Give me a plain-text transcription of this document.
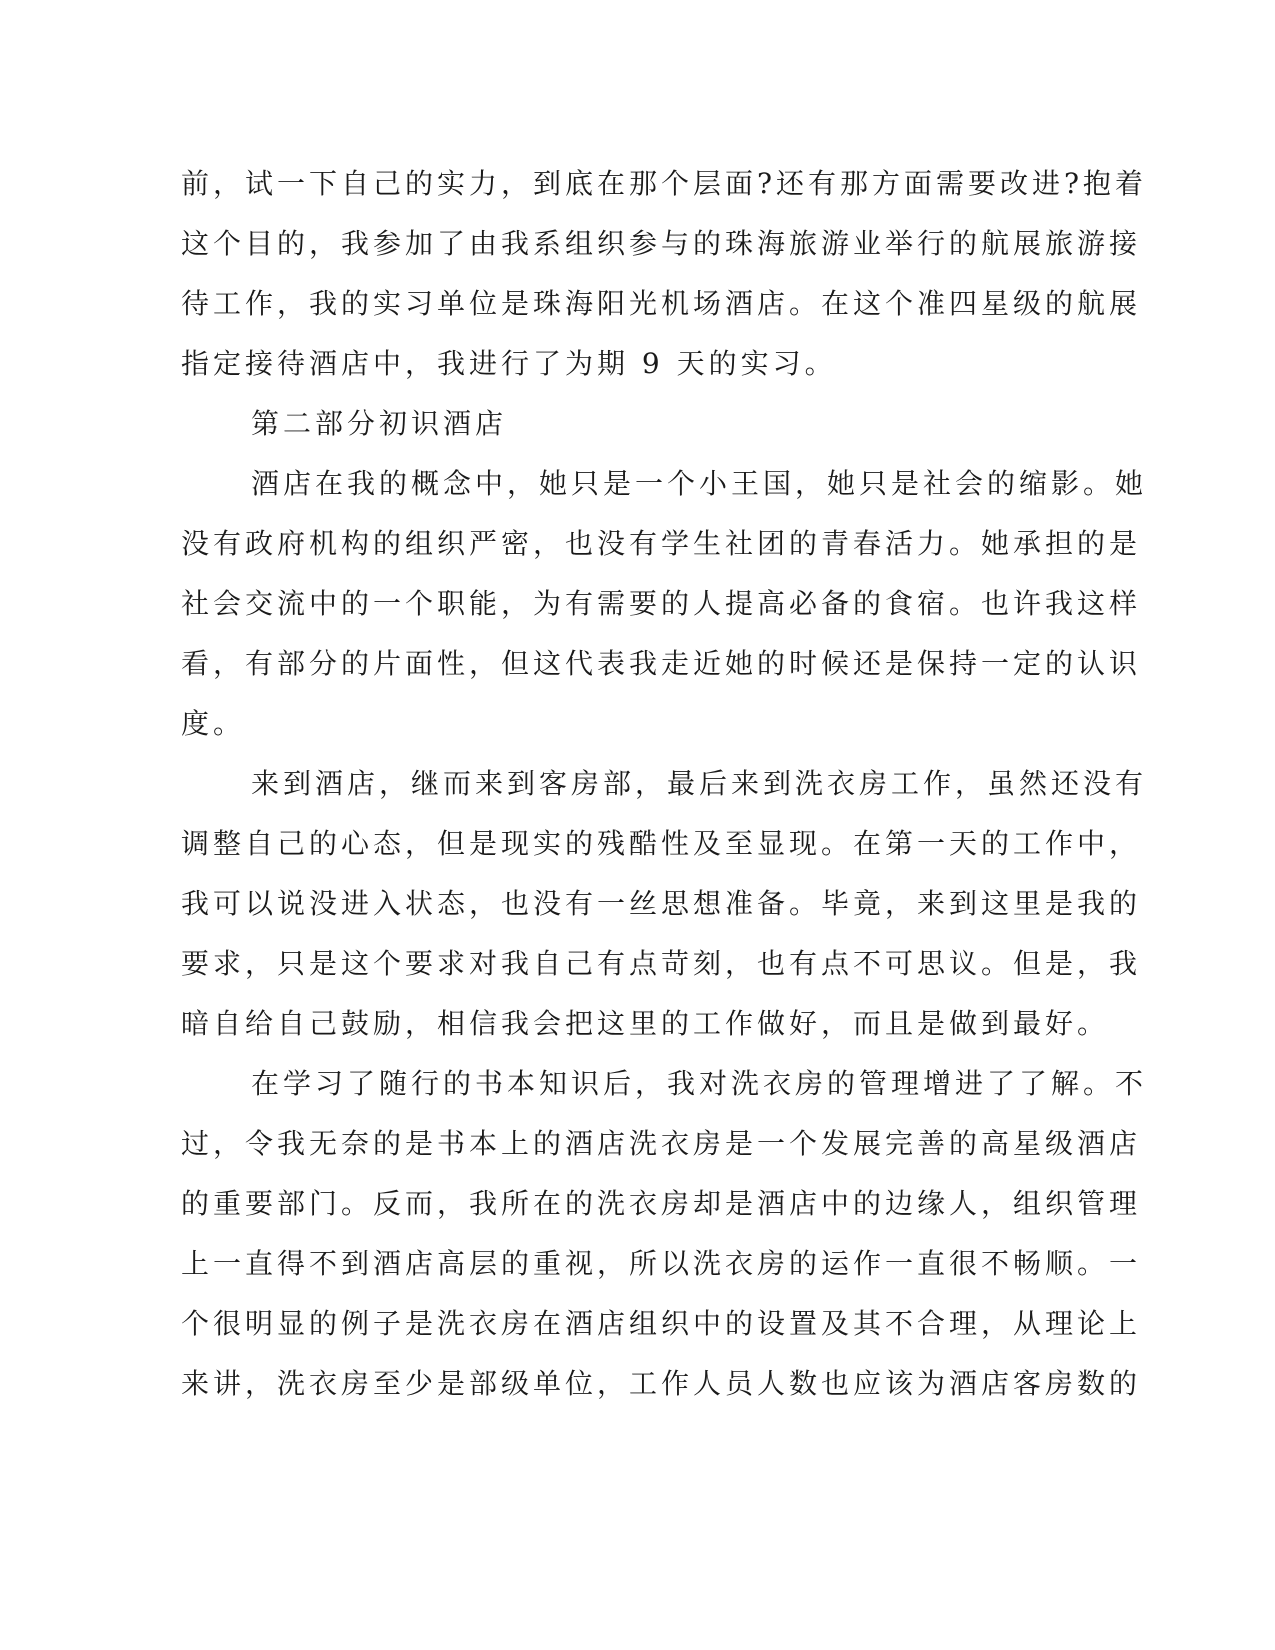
前，试一下自己的实力，到底在那个层面?还有那方面需要改进?抱着
这个目的，我参加了由我系组织参与的珠海旅游业举行的航展旅游接
待工作，我的实习单位是珠海阳光机场酒店。在这个准四星级的航展
指定接待酒店中，我进行了为期 9 天的实习。
第二部分初识酒店
酒店在我的概念中，她只是一个小王国，她只是社会的缩影。她
没有政府机构的组织严密，也没有学生社团的青春活力。她承担的是
社会交流中的一个职能，为有需要的人提高必备的食宿。也许我这样
看，有部分的片面性，但这代表我走近她的时候还是保持一定的认识
度。
来到酒店，继而来到客房部，最后来到洗衣房工作，虽然还没有
调整自己的心态，但是现实的残酷性及至显现。在第一天的工作中，
我可以说没进入状态，也没有一丝思想准备。毕竟，来到这里是我的
要求，只是这个要求对我自己有点苛刻，也有点不可思议。但是，我
暗自给自己鼓励，相信我会把这里的工作做好，而且是做到最好。
在学习了随行的书本知识后，我对洗衣房的管理增进了了解。不
过，令我无奈的是书本上的酒店洗衣房是一个发展完善的高星级酒店
的重要部门。反而，我所在的洗衣房却是酒店中的边缘人，组织管理
上一直得不到酒店高层的重视，所以洗衣房的运作一直很不畅顺。一
个很明显的例子是洗衣房在酒店组织中的设置及其不合理，从理论上
来讲，洗衣房至少是部级单位，工作人员人数也应该为酒店客房数的
